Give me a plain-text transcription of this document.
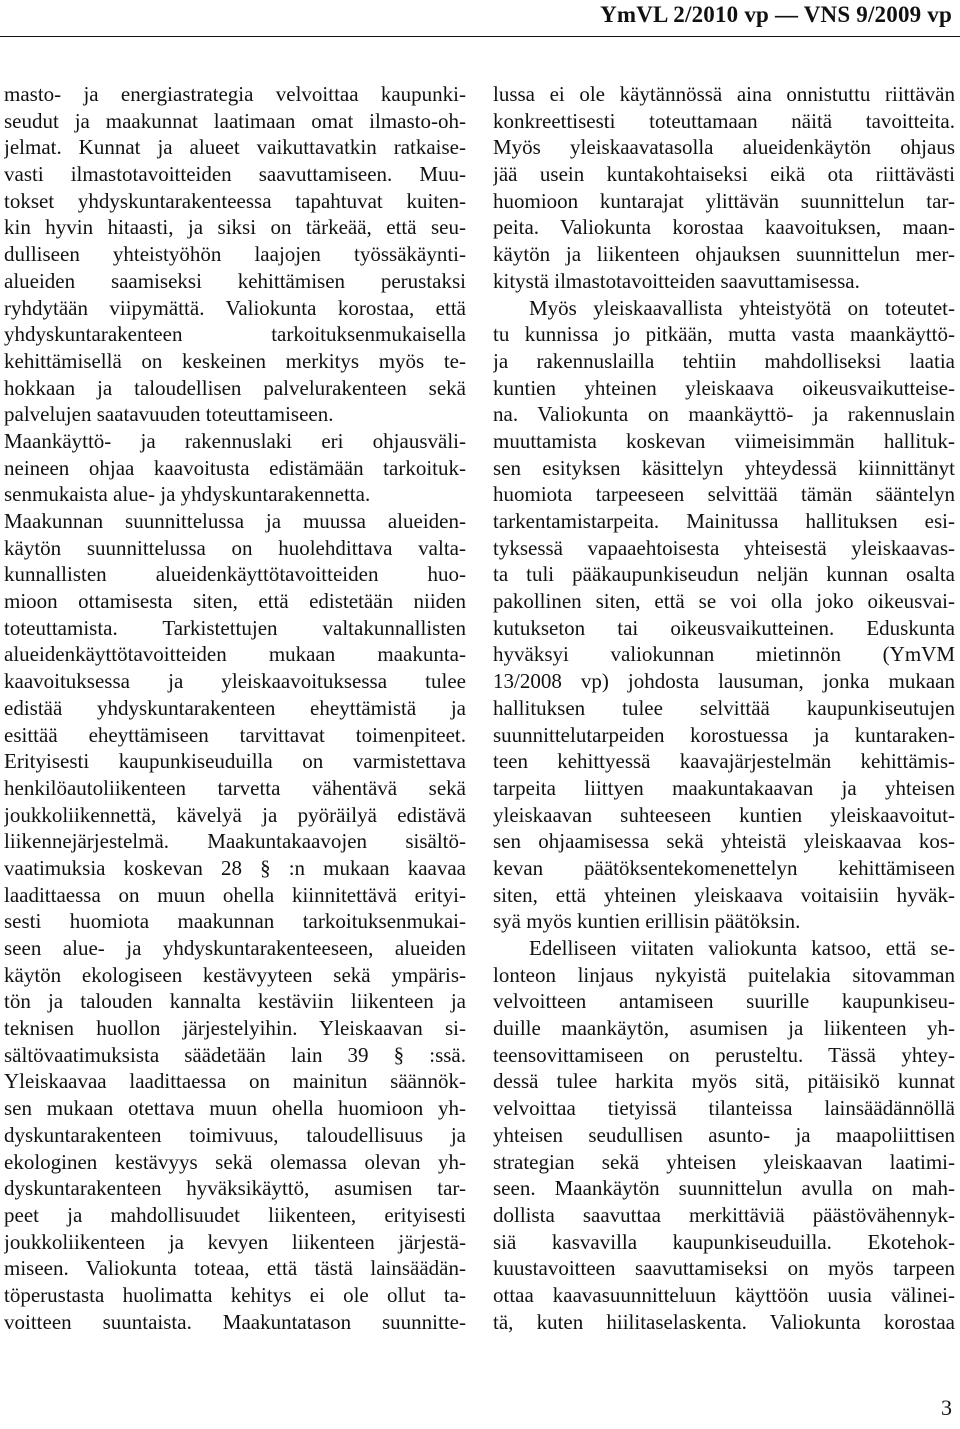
YmVL 2/2010 vp — VNS 9/2009 vp
masto- ja energiastrategia velvoittaa kaupunki-
seudut ja maakunnat laatimaan omat ilmasto-oh-
jelmat. Kunnat ja alueet vaikuttavatkin ratkaise-
vasti ilmastotavoitteiden saavuttamiseen. Muu-
tokset yhdyskuntarakenteessa tapahtuvat kuiten-
kin hyvin hitaasti, ja siksi on tärkeää, että seu-
dulliseen yhteistyöhön laajojen työssäkäynti-
alueiden saamiseksi kehittämisen perustaksi
ryhdytään viipymättä. Valiokunta korostaa, että
yhdyskuntarakenteen tarkoituksenmukaisella
kehittämisellä on keskeinen merkitys myös te-
hokkaan ja taloudellisen palvelurakenteen sekä
palvelujen saatavuuden toteuttamiseen.
Maankäyttö- ja rakennuslaki eri ohjausväli-
neineen ohjaa kaavoitusta edistämään tarkoituk-
senmukaista alue- ja yhdyskuntarakennetta.
Maakunnan suunnittelussa ja muussa alueiden-
käytön suunnittelussa on huolehdittava valta-
kunnallisten alueidenkäyttötavoitteiden huo-
mioon ottamisesta siten, että edistetään niiden
toteuttamista. Tarkistettujen valtakunnallisten
alueidenkäyttötavoitteiden mukaan maakunta-
kaavoituksessa ja yleiskaavoituksessa tulee
edistää yhdyskuntarakenteen eheyttämistä ja
esittää eheyttämiseen tarvittavat toimenpiteet.
Erityisesti kaupunkiseuduilla on varmistettava
henkilöautoliikenteen tarvetta vähentävä sekä
joukkoliikennettä, kävelyä ja pyöräilyä edistävä
liikennejärjestelmä. Maakuntakaavojen sisältö-
vaatimuksia koskevan 28 § :n mukaan kaavaa
laadittaessa on muun ohella kiinnitettävä erityi-
sesti huomiota maakunnan tarkoituksenmukai-
seen alue- ja yhdyskuntarakenteeseen, alueiden
käytön ekologiseen kestävyyteen sekä ympäris-
tön ja talouden kannalta kestäviin liikenteen ja
teknisen huollon järjestelyihin. Yleiskaavan si-
sältövaatimuksista säädetään lain 39 § :ssä.
Yleiskaavaa laadittaessa on mainitun säännök-
sen mukaan otettava muun ohella huomioon yh-
dyskuntarakenteen toimivuus, taloudellisuus ja
ekologinen kestävyys sekä olemassa olevan yh-
dyskuntarakenteen hyväksikäyttö, asumisen tar-
peet ja mahdollisuudet liikenteen, erityisesti
joukkoliikenteen ja kevyen liikenteen järjestä-
miseen. Valiokunta toteaa, että tästä lainsäädän-
töperustasta huolimatta kehitys ei ole ollut ta-
voitteen suuntaista. Maakuntatason suunnitte-
lussa ei ole käytännössä aina onnistuttu riittävän
konkreettisesti toteuttamaan näitä tavoitteita.
Myös yleiskaavatasolla alueidenkäytön ohjaus
jää usein kuntakohtaiseksi eikä ota riittävästi
huomioon kuntarajat ylittävän suunnittelun tar-
peita. Valiokunta korostaa kaavoituksen, maan-
käytön ja liikenteen ohjauksen suunnittelun mer-
kitystä ilmastotavoitteiden saavuttamisessa.
Myös yleiskaavallista yhteistyötä on toteutet-
tu kunnissa jo pitkään, mutta vasta maankäyttö-
ja rakennuslailla tehtiin mahdolliseksi laatia
kuntien yhteinen yleiskaava oikeusvaikutteise-
na. Valiokunta on maankäyttö- ja rakennuslain
muuttamista koskevan viimeisimmän hallituk-
sen esityksen käsittelyn yhteydessä kiinnittänyt
huomiota tarpeeseen selvittää tämän sääntelyn
tarkentamistarpeita. Mainitussa hallituksen esi-
tyksessä vapaaehtoisesta yhteisestä yleiskaavas-
ta tuli pääkaupunkiseudun neljän kunnan osalta
pakollinen siten, että se voi olla joko oikeusvai-
kutukseton tai oikeusvaikutteinen. Eduskunta
hyväksyi valiokunnan mietinnön (YmVM
13/2008 vp) johdosta lausuman, jonka mukaan
hallituksen tulee selvittää kaupunkiseutujen
suunnittelutarpeiden korostuessa ja kuntaraken-
teen kehittyessä kaavajärjestelmän kehittämis-
tarpeita liittyen maakuntakaavan ja yhteisen
yleiskaavan suhteeseen kuntien yleiskaavoitut-
sen ohjaamisessa sekä yhteistä yleiskaavaa kos-
kevan päätöksentekomenettelyn kehittämiseen
siten, että yhteinen yleiskaava voitaisiin hyväk-
syä myös kuntien erillisin päätöksin.
Edelliseen viitaten valiokunta katsoo, että se-
lonteon linjaus nykyistä puitelakia sitovamman
velvoitteen antamiseen suurille kaupunkiseu-
duille maankäytön, asumisen ja liikenteen yh-
teensovittamiseen on perusteltu. Tässä yhtey-
dessä tulee harkita myös sitä, pitäisikö kunnat
velvoittaa tietyissä tilanteissa lainsäädännöllä
yhteisen seudullisen asunto- ja maapoliittisen
strategian sekä yhteisen yleiskaavan laatimi-
seen. Maankäytön suunnittelun avulla on mah-
dollista saavuttaa merkittäviä päästövähennyk-
siä kasvavilla kaupunkiseuduilla. Ekotehok-
kuustavoitteen saavuttamiseksi on myös tarpeen
ottaa kaavasuunnitteluun käyttöön uusia välinei-
tä, kuten hiilitaselaskenta. Valiokunta korostaa
3
